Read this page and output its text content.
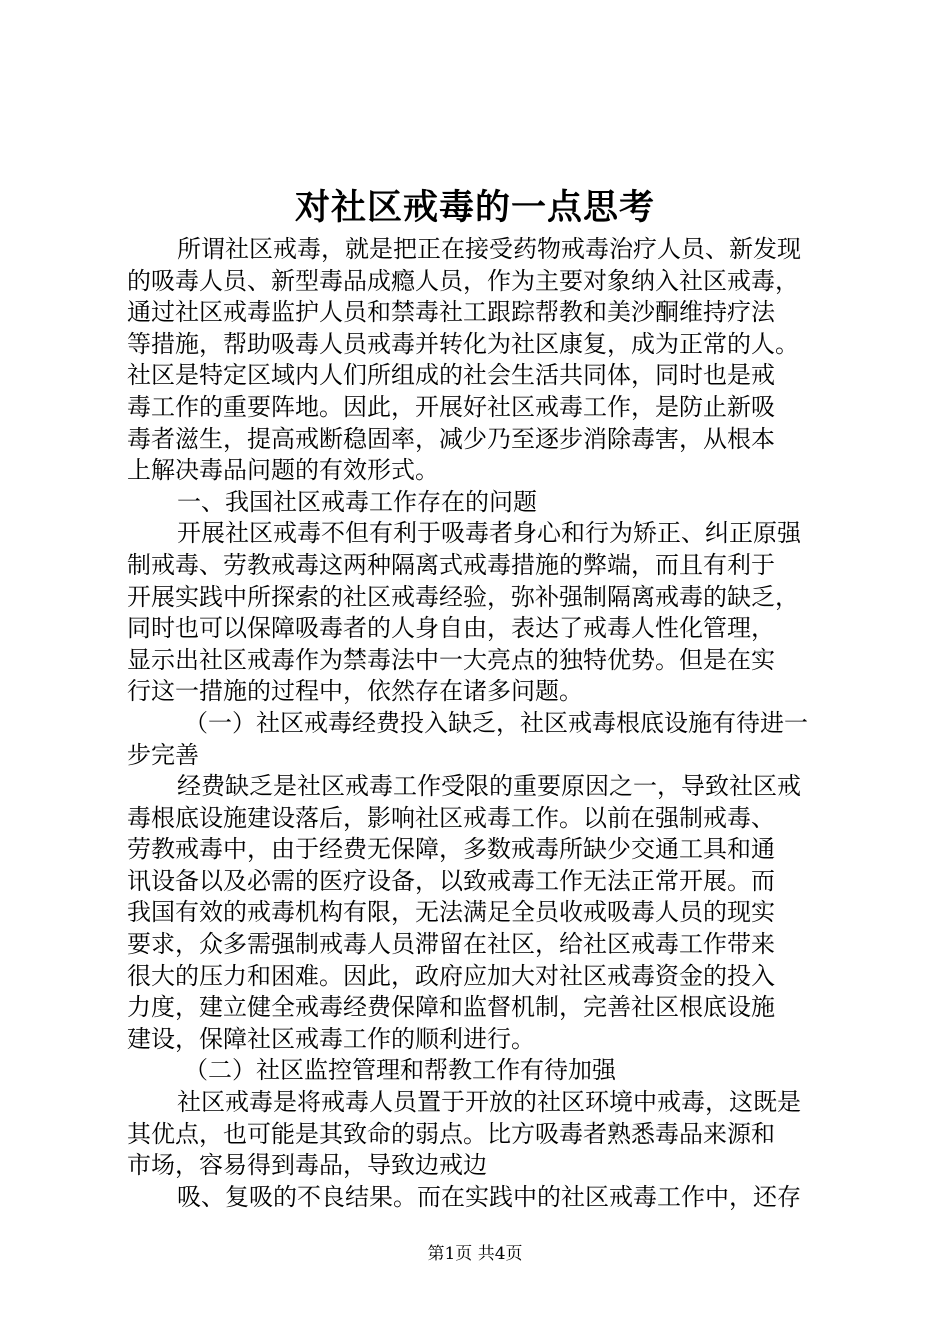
对社区戒毒的一点思考
所谓社区戒毒，就是把正在接受药物戒毒治疗人员、新发现
的吸毒人员、新型毒品成瘾人员，作为主要对象纳入社区戒毒，
通过社区戒毒监护人员和禁毒社工跟踪帮教和美沙酮维持疗法
等措施，帮助吸毒人员戒毒并转化为社区康复，成为正常的人。
社区是特定区域内人们所组成的社会生活共同体，同时也是戒
毒工作的重要阵地。因此，开展好社区戒毒工作，是防止新吸
毒者滋生，提高戒断稳固率，减少乃至逐步消除毒害，从根本
上解决毒品问题的有效形式。
一、我国社区戒毒工作存在的问题
开展社区戒毒不但有利于吸毒者身心和行为矫正、纠正原强
制戒毒、劳教戒毒这两种隔离式戒毒措施的弊端，而且有利于
开展实践中所探索的社区戒毒经验，弥补强制隔离戒毒的缺乏，
同时也可以保障吸毒者的人身自由，表达了戒毒人性化管理，
显示出社区戒毒作为禁毒法中一大亮点的独特优势。但是在实
行这一措施的过程中，依然存在诸多问题。
（一）社区戒毒经费投入缺乏，社区戒毒根底设施有待进一
步完善
经费缺乏是社区戒毒工作受限的重要原因之一，导致社区戒
毒根底设施建设落后，影响社区戒毒工作。以前在强制戒毒、
劳教戒毒中，由于经费无保障，多数戒毒所缺少交通工具和通
讯设备以及必需的医疗设备，以致戒毒工作无法正常开展。而
我国有效的戒毒机构有限，无法满足全员收戒吸毒人员的现实
要求，众多需强制戒毒人员滞留在社区，给社区戒毒工作带来
很大的压力和困难。因此，政府应加大对社区戒毒资金的投入
力度，建立健全戒毒经费保障和监督机制，完善社区根底设施
建设，保障社区戒毒工作的顺利进行。
（二）社区监控管理和帮教工作有待加强
社区戒毒是将戒毒人员置于开放的社区环境中戒毒，这既是
其优点，也可能是其致命的弱点。比方吸毒者熟悉毒品来源和
市场，容易得到毒品，导致边戒边
吸、复吸的不良结果。而在实践中的社区戒毒工作中，还存
第1页 共4页
